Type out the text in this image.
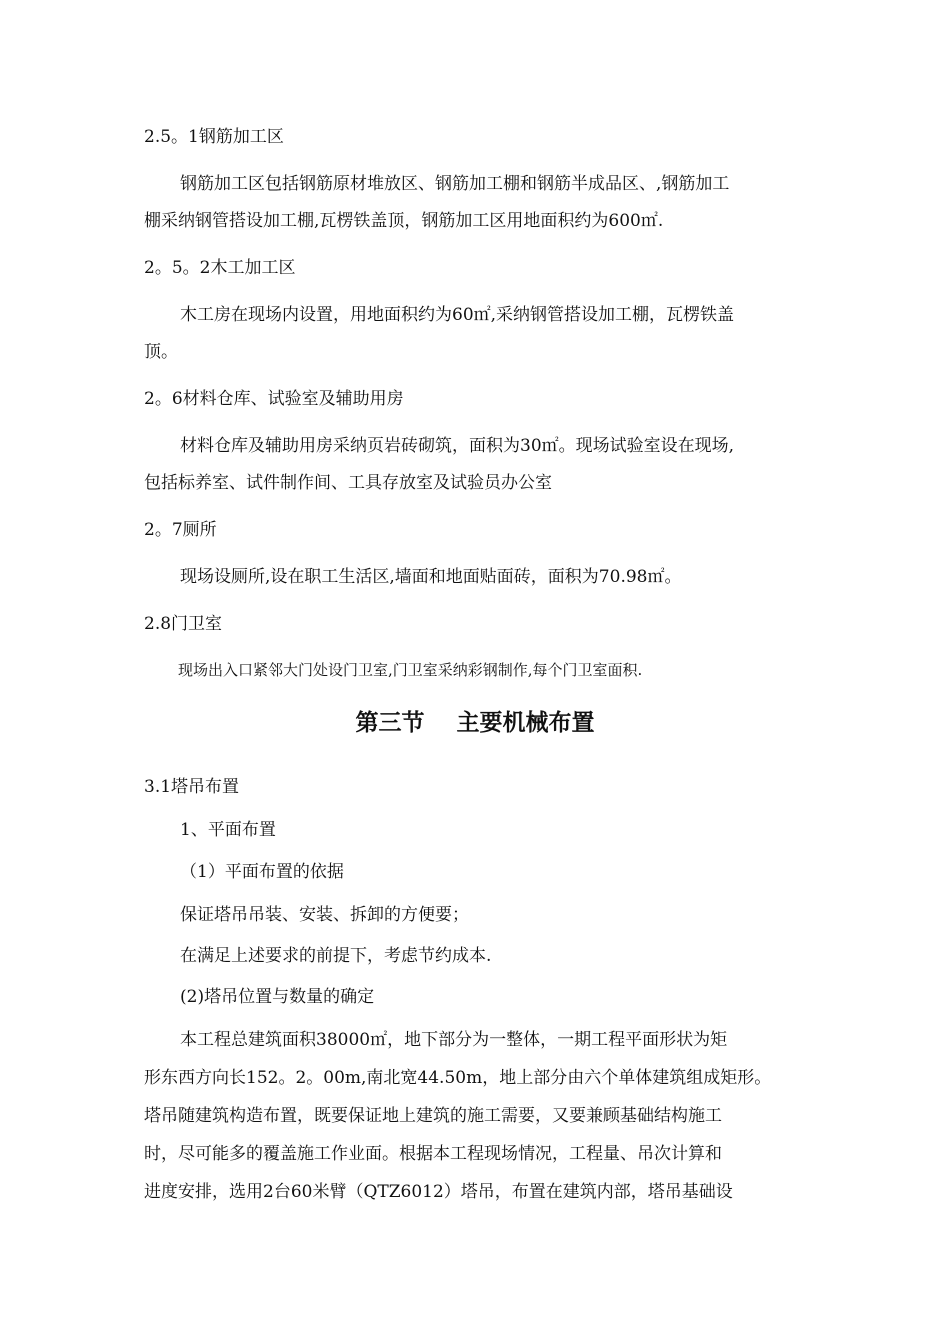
2.5。1钢筋加工区
钢筋加工区包括钢筋原材堆放区、钢筋加工棚和钢筋半成品区、,钢筋加工
棚采纳钢管搭设加工棚,瓦楞铁盖顶，钢筋加工区用地面积约为600㎡.
2。5。2木工加工区
木工房在现场内设置，用地面积约为60㎡,采纳钢管搭设加工棚，瓦楞铁盖
顶。
2。6材料仓库、试验室及辅助用房
材料仓库及辅助用房采纳页岩砖砌筑，面积为30㎡。现场试验室设在现场,
包括标养室、试件制作间、工具存放室及试验员办公室
2。7厕所
现场设厕所,设在职工生活区,墙面和地面贴面砖，面积为70.98㎡。
2.8门卫室
现场出入口紧邻大门处设门卫室,门卫室采纳彩钢制作,每个门卫室面积.
第三节    主要机械布置
3.1塔吊布置
1、平面布置
（1）平面布置的依据
保证塔吊吊装、安装、拆卸的方便要；
在满足上述要求的前提下，考虑节约成本.
(2)塔吊位置与数量的确定
本工程总建筑面积38000㎡，地下部分为一整体，一期工程平面形状为矩
形东西方向长152。2。00m,南北宽44.50m，地上部分由六个单体建筑组成矩形。
塔吊随建筑构造布置，既要保证地上建筑的施工需要，又要兼顾基础结构施工
时，尽可能多的覆盖施工作业面。根据本工程现场情况，工程量、吊次计算和
进度安排，选用2台60米臂（QTZ6012）塔吊，布置在建筑内部，塔吊基础设
